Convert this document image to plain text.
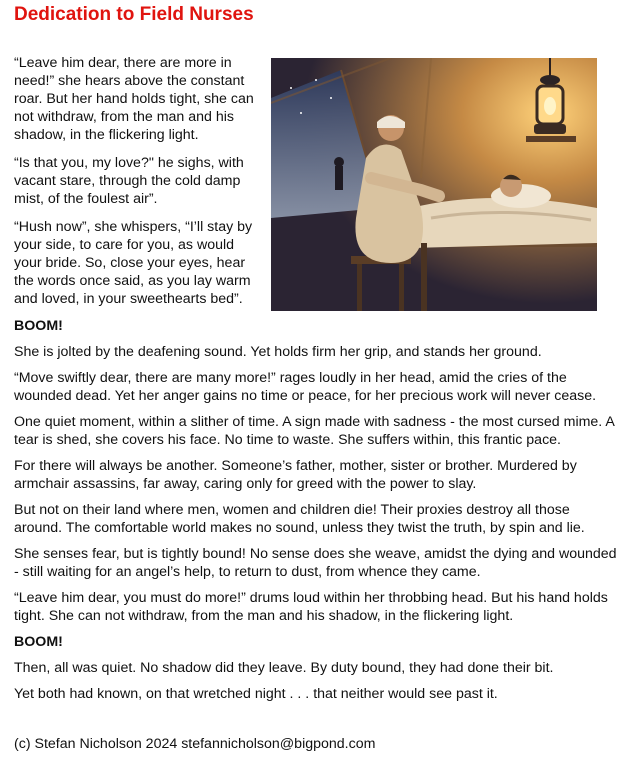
Dedication to Field Nurses

“Leave him dear, there are more in need!” she hears above the constant roar. But her hand holds tight, she can not withdraw, from the man and his shadow, in the flickering light.

“Is that you, my love?" he sighs, with vacant stare, through the cold damp mist, of the foulest air”.

“Hush now”, she whispers, “I’ll stay by your side, to care for you, as would your bride. So, close your eyes, hear the words once said, as you lay warm and loved, in your sweethearts bed”.

BOOM!

She is jolted by the deafening sound. Yet holds firm her grip, and stands her ground.

“Move swiftly dear, there are many more!” rages loudly in her head, amid the cries of the wounded dead. Yet her anger gains no time or peace, for her precious work will never cease.

One quiet moment, within a slither of time. A sign made with sadness - the most cursed mime. A tear is shed, she covers his face. No time to waste. She suffers within, this frantic pace.

For there will always be another. Someone’s father, mother, sister or brother. Murdered by armchair assassins, far away, caring only for greed with the power to slay.

But not on their land where men, women and children die! Their proxies destroy all those around. The comfortable world makes no sound, unless they twist the truth, by spin and lie.

She senses fear, but is tightly bound! No sense does she weave, amidst the dying and wounded - still waiting for an angel’s help, to return to dust, from whence they came.

“Leave him dear, you must do more!” drums loud within her throbbing head. But his hand holds tight. She can not withdraw, from the man and his shadow, in the flickering light.

BOOM!

Then, all was quiet. No shadow did they leave. By duty bound, they had done their bit.

Yet both had known, on that wretched night . . . that neither would see past it.

(c) Stefan Nicholson 2024 stefannicholson@bigpond.com
